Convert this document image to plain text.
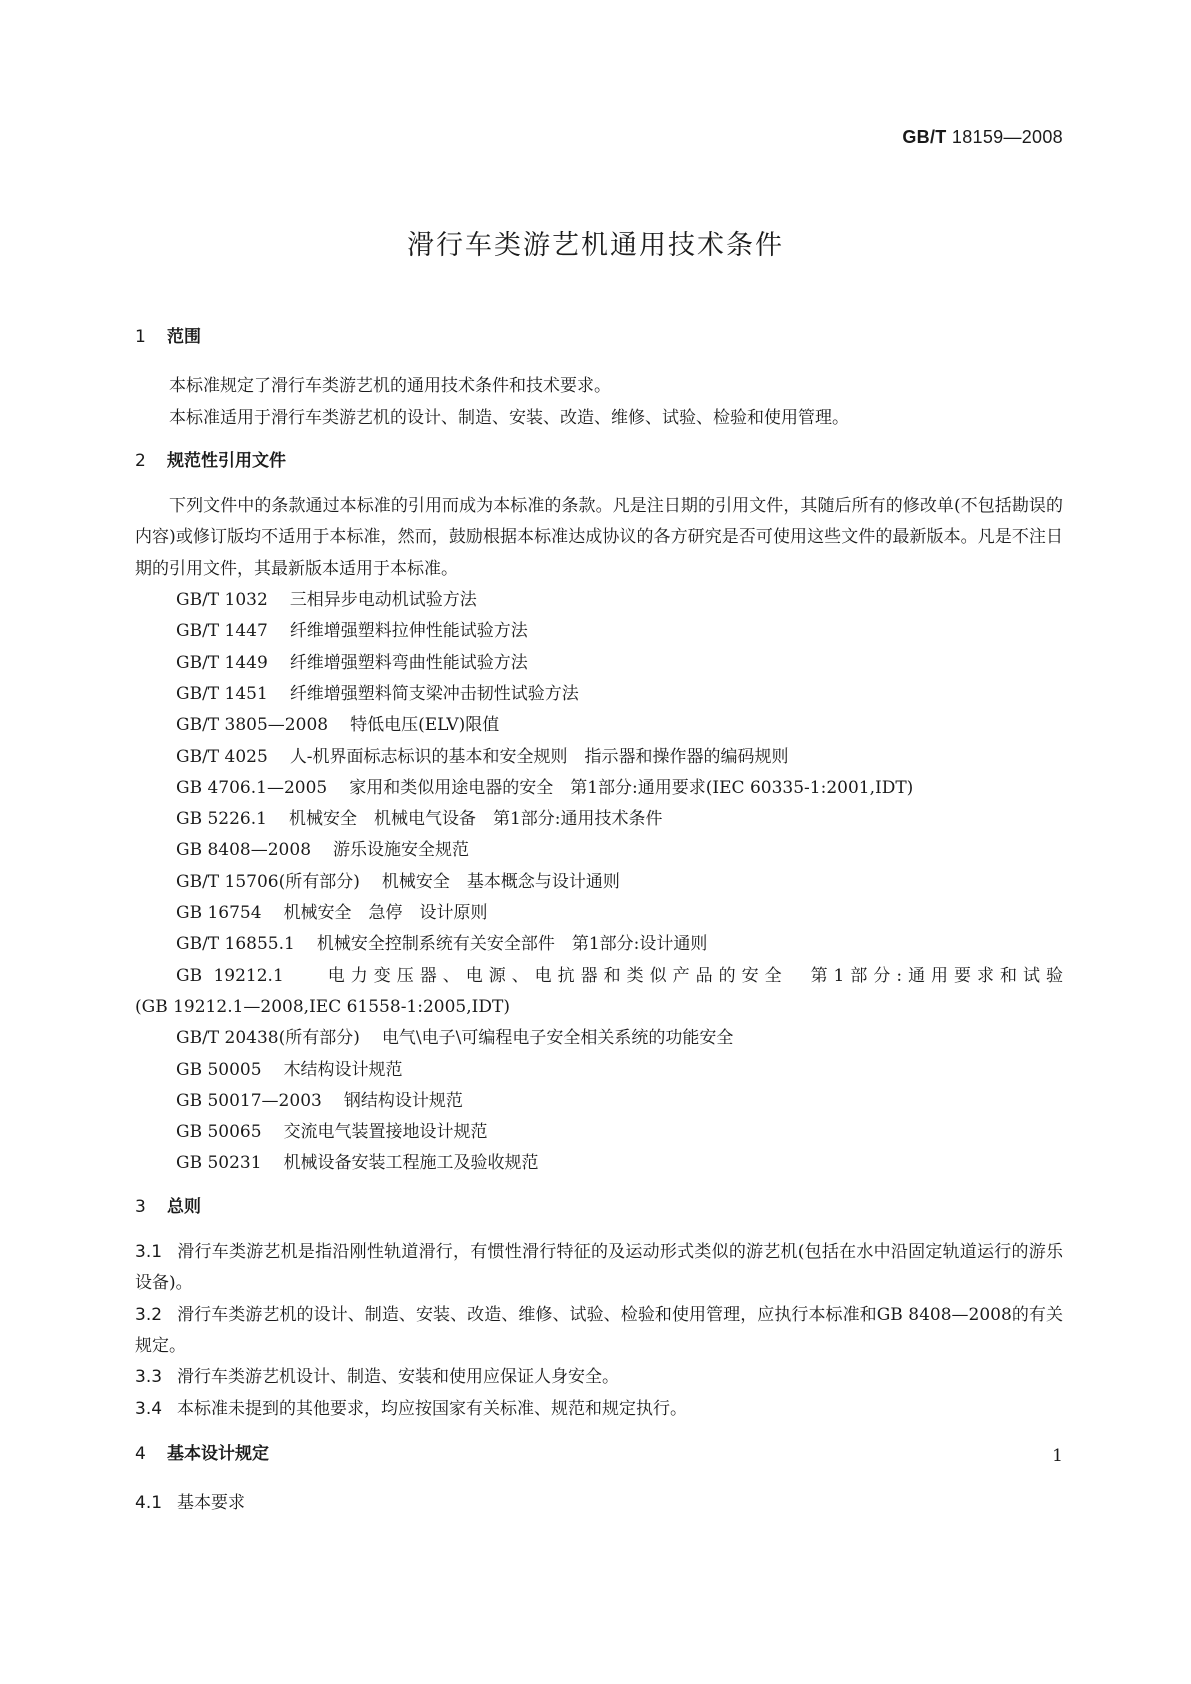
GB/T 18159—2008
滑行车类游艺机通用技术条件
1 范围

本标准规定了滑行车类游艺机的通用技术条件和技术要求。

本标准适用于滑行车类游艺机的设计、制造、安装、改造、维修、试验、检验和使用管理。

2 规范性引用文件

下列文件中的条款通过本标准的引用而成为本标准的条款。凡是注日期的引用文件，其随后所有的修改单(不包括勘误的内容)或修订版均不适用于本标准，然而，鼓励根据本标准达成协议的各方研究是否可使用这些文件的最新版本。凡是不注日期的引用文件，其最新版本适用于本标准。

GB/T 1032 三相异步电动机试验方法

GB/T 1447 纤维增强塑料拉伸性能试验方法

GB/T 1449 纤维增强塑料弯曲性能试验方法

GB/T 1451 纤维增强塑料简支梁冲击韧性试验方法

GB/T 3805—2008 特低电压(ELV)限值

GB/T 4025 人-机界面标志标识的基本和安全规则　指示器和操作器的编码规则

GB 4706.1—2005 家用和类似用途电器的安全　第1部分:通用要求(IEC 60335-1:2001,IDT)

GB 5226.1 机械安全　机械电气设备　第1部分:通用技术条件

GB 8408—2008 游乐设施安全规范

GB/T 15706(所有部分) 机械安全　基本概念与设计通则

GB 16754 机械安全　急停　设计原则

GB/T 16855.1 机械安全控制系统有关安全部件　第1部分:设计通则

GB 19212.1 电力变压器、电源、电抗器和类似产品的安全　第1部分:通用要求和试验

(GB 19212.1—2008,IEC 61558-1:2005,IDT)

GB/T 20438(所有部分) 电气\电子\可编程电子安全相关系统的功能安全

GB 50005 木结构设计规范

GB 50017—2003 钢结构设计规范

GB 50065 交流电气装置接地设计规范

GB 50231 机械设备安装工程施工及验收规范

3 总则

3.1 滑行车类游艺机是指沿刚性轨道滑行，有惯性滑行特征的及运动形式类似的游艺机(包括在水中沿固定轨道运行的游乐设备)。

3.2 滑行车类游艺机的设计、制造、安装、改造、维修、试验、检验和使用管理，应执行本标准和GB 8408—2008的有关规定。

3.3 滑行车类游艺机设计、制造、安装和使用应保证人身安全。

3.4 本标准未提到的其他要求，均应按国家有关标准、规范和规定执行。

4 基本设计规定

4.1 基本要求

1
